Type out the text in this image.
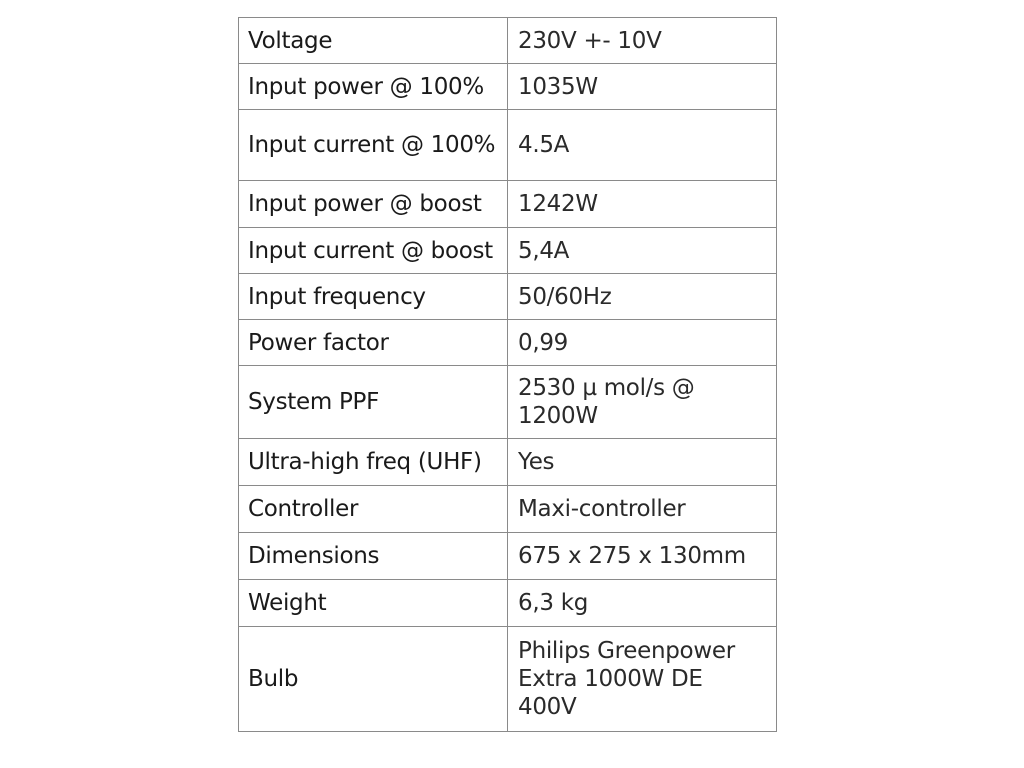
Voltage	230V +- 10V
Input power @ 100%	1035W
Input current @ 100%	4.5A
Input power @ boost	1242W
Input current @ boost	5,4A
Input frequency	50/60Hz
Power factor	0,99
System PPF	2530 µ mol/s @ 1200W
Ultra-high freq (UHF)	Yes
Controller	Maxi-controller
Dimensions	675 x 275 x 130mm
Weight	6,3 kg
Bulb	Philips Greenpower Extra 1000W DE 400V
